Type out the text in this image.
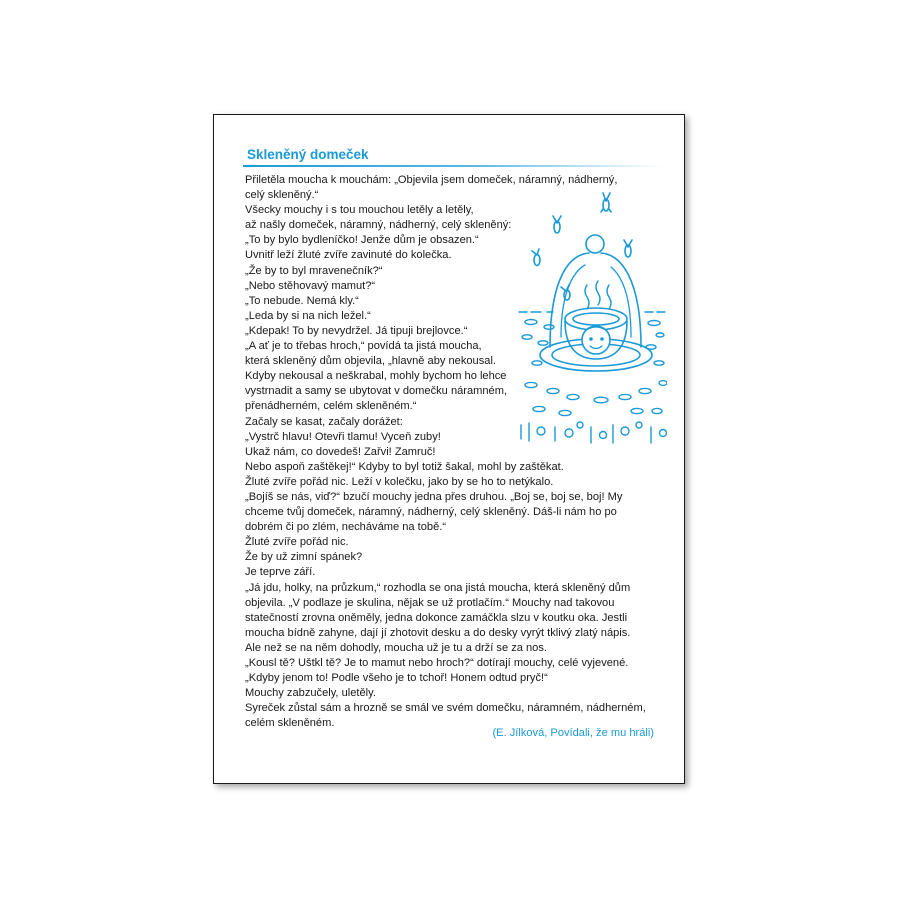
Skleněný domeček
Přiletěla moucha k mouchám: „Objevila jsem domeček, náramný, nádherný,
celý skleněný.“
Všecky mouchy i s tou mouchou letěly a letěly,
až našly domeček, náramný, nádherný, celý skleněný:
„To by bylo bydleníčko! Jenže dům je obsazen.“
Uvnitř leží žluté zvíře zavinuté do kolečka.
„Že by to byl mravenečník?“
„Nebo stěhovavý mamut?“
„To nebude. Nemá kly.“
„Leda by si na nich ležel.“
„Kdepak! To by nevydržel. Já tipuji brejlovce.“
„A ať je to třebas hroch,“ povídá ta jistá moucha,
která skleněný dům objevila, „hlavně aby nekousal.
Kdyby nekousal a neškrabal, mohly bychom ho lehce
vystrnadit a samy se ubytovat v domečku náramném,
přenádherném, celém skleněném.“
Začaly se kasat, začaly dorážet:
„Vystrč hlavu! Otevři tlamu! Vyceň zuby!
Ukaž nám, co dovedeš! Zařvi! Zamruč!
Nebo aspoň zaštěkej!“ Kdyby to byl totiž šakal, mohl by zaštěkat.
Žluté zvíře pořád nic. Leží v kolečku, jako by se ho to netýkalo.
„Bojíš se nás, viď?“ bzučí mouchy jedna přes druhou. „Boj se, boj se, boj! My
chceme tvůj domeček, náramný, nádherný, celý skleněný. Dáš-li nám ho po
dobrém či po zlém, necháváme na tobě.“
Žluté zvíře pořád nic.
Že by už zimní spánek?
Je teprve září.
„Já jdu, holky, na průzkum,“ rozhodla se ona jistá moucha, která skleněný dům
objevila. „V podlaze je skulina, nějak se už protlačím.“ Mouchy nad takovou
statečností zrovna oněměly, jedna dokonce zamáčkla slzu v koutku oka. Jestli
moucha bídně zahyne, dají jí zhotovit desku a do desky vyrýt tklivý zlatý nápis.
Ale než se na něm dohodly, moucha už je tu a drží se za nos.
„Kousl tě? Uštkl tě? Je to mamut nebo hroch?“ dotírají mouchy, celé vyjevené.
„Kdyby jenom to! Podle všeho je to tchoř! Honem odtud pryč!“
Mouchy zabzučely, uletěly.
Syreček zůstal sám a hrozně se smál ve svém domečku, náramném, nádherném,
celém skleněném.
(E. Jílková, Povídali, že mu hráli)
